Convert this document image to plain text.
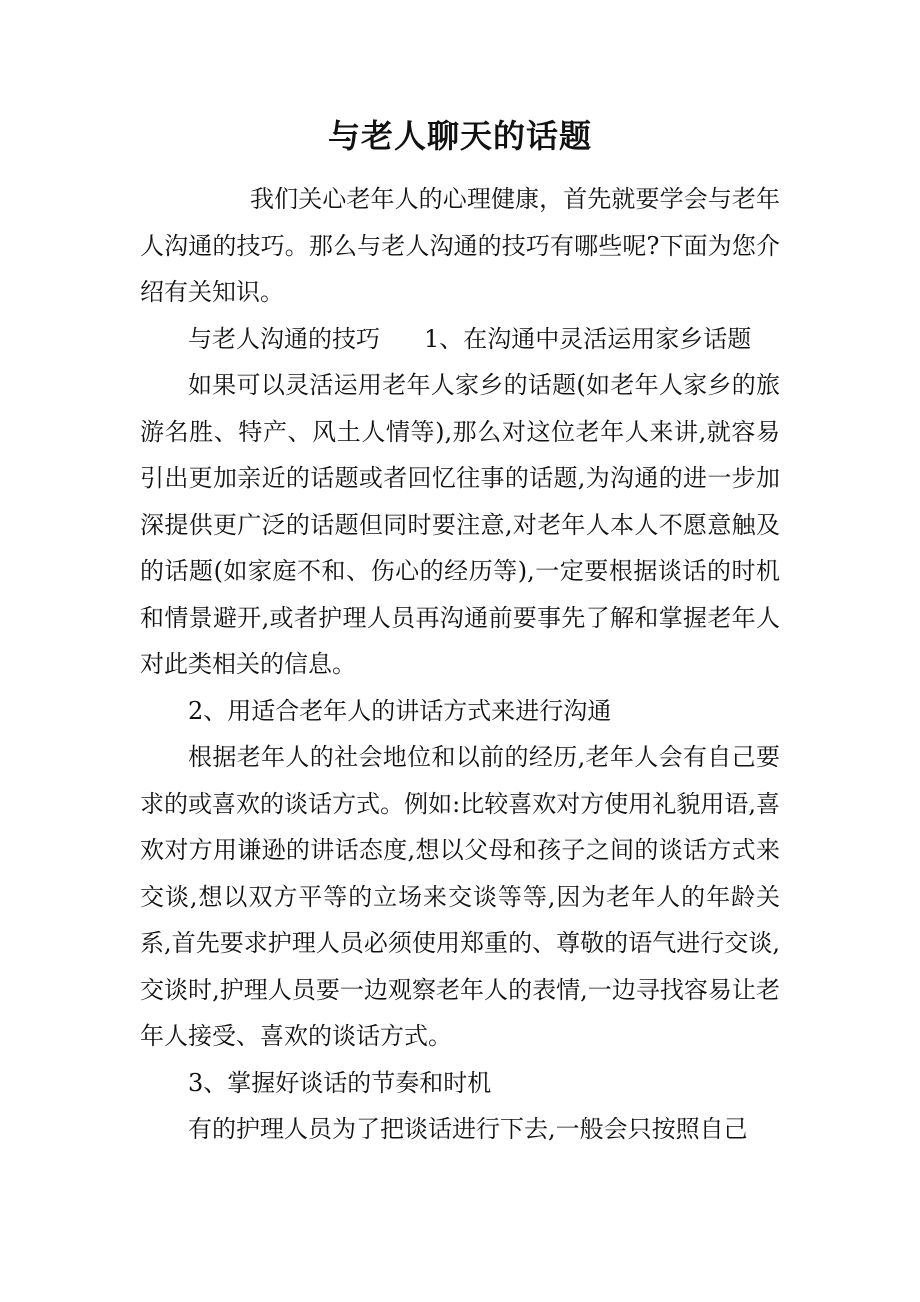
与老人聊天的话题

我们关心老年人的心理健康，首先就要学会与老年人沟通的技巧。那么与老人沟通的技巧有哪些呢?下面为您介绍有关知识。

与老人沟通的技巧 1、在沟通中灵活运用家乡话题

如果可以灵活运用老年人家乡的话题(如老年人家乡的旅游名胜、特产、风土人情等),那么对这位老年人来讲,就容易引出更加亲近的话题或者回忆往事的话题,为沟通的进一步加深提供更广泛的话题但同时要注意,对老年人本人不愿意触及的话题(如家庭不和、伤心的经历等),一定要根据谈话的时机和情景避开,或者护理人员再沟通前要事先了解和掌握老年人对此类相关的信息。

2、用适合老年人的讲话方式来进行沟通

根据老年人的社会地位和以前的经历,老年人会有自己要求的或喜欢的谈话方式。例如:比较喜欢对方使用礼貌用语,喜欢对方用谦逊的讲话态度,想以父母和孩子之间的谈话方式来交谈,想以双方平等的立场来交谈等等,因为老年人的年龄关系,首先要求护理人员必须使用郑重的、尊敬的语气进行交谈,交谈时,护理人员要一边观察老年人的表情,一边寻找容易让老年人接受、喜欢的谈话方式。

3、掌握好谈话的节奏和时机

有的护理人员为了把谈话进行下去,一般会只按照自己
